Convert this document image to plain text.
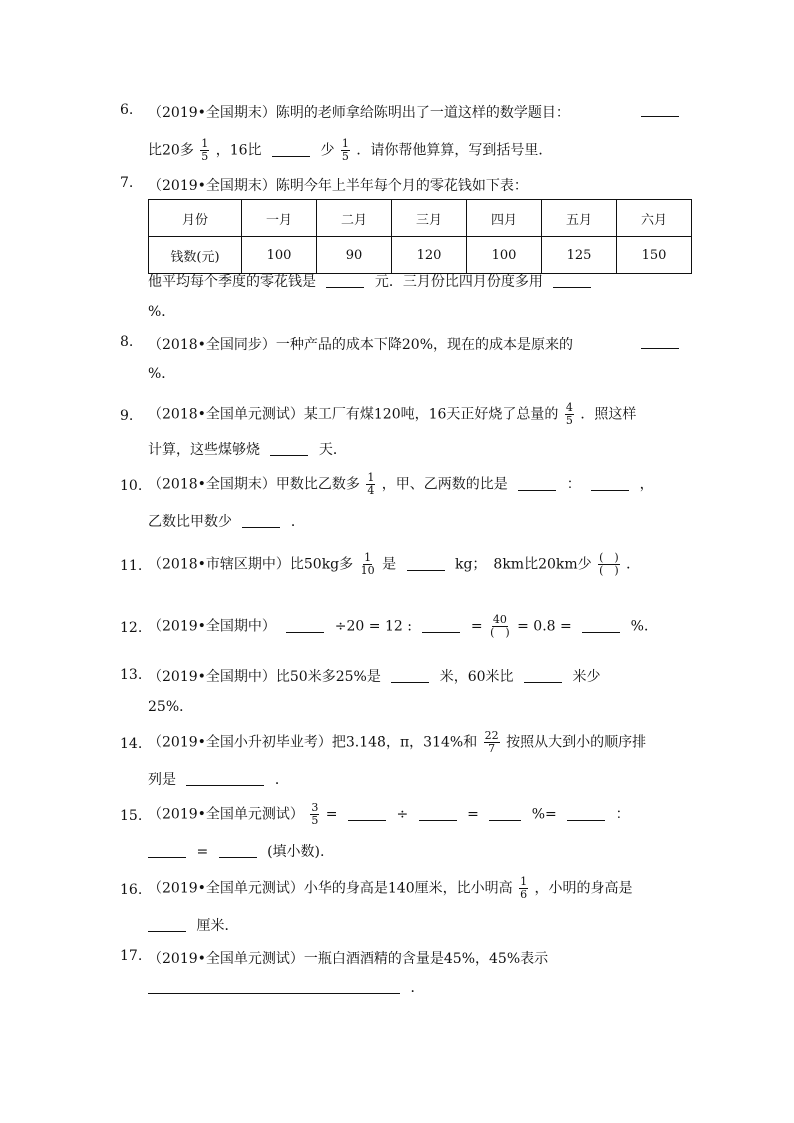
6. （2019•全国期末）陈明的老师拿给陈明出了一道这样的数学题目：
比20多 $\frac{1}{5}$ ，16比	少 $\frac{1}{5}$ ．请你帮他算算，写到括号里．
7. （2019•全国期末）陈明今年上半年每个月的零花钱如下表：
月份	一月	二月	三月	四月	五月	六月
钱数(元)	100	90	120	100	125	150
他平均每个季度的零花钱是	元．三月份比四月份度多用
%．
8. （2018•全国同步）一种产品的成本下降20%，现在的成本是原来的
%．
9. （2018•全国单元测试）某工厂有煤120吨，16天正好烧了总量的 $\frac{4}{5}$ ．照这样
计算，这些煤够烧	天．
10. （2018•全国期末）甲数比乙数多 $\frac{1}{4}$ ，甲、乙两数的比是	：	，
乙数比甲数少	．
11. （2018•市辖区期中）比50kg多 $\frac{1}{10}$ 是	kg；　8km比20km少 $\frac{( )}{( )}$ ．
12. （2019•全国期中）	÷20 = 12 :	= $\frac{40}{( )} = 0.8$ =	%．
13. （2019•全国期中）比50米多25%是	米，60米比	米少
25%．
14. （2019•全国小升初毕业考）把3.14̇8̇，π，314%和 $\frac{22}{7}$ 按照从大到小的顺序排
列是	．
15. （2019•全国单元测试） $\frac{3}{5}$ =	÷	=	%=	：
=	(填小数).
16. （2019•全国单元测试）小华的身高是140厘米，比小明高 $\frac{1}{6}$ ，小明的身高是
厘米．
17. （2019•全国单元测试）一瓶白酒酒精的含量是45%，45%表示
．
